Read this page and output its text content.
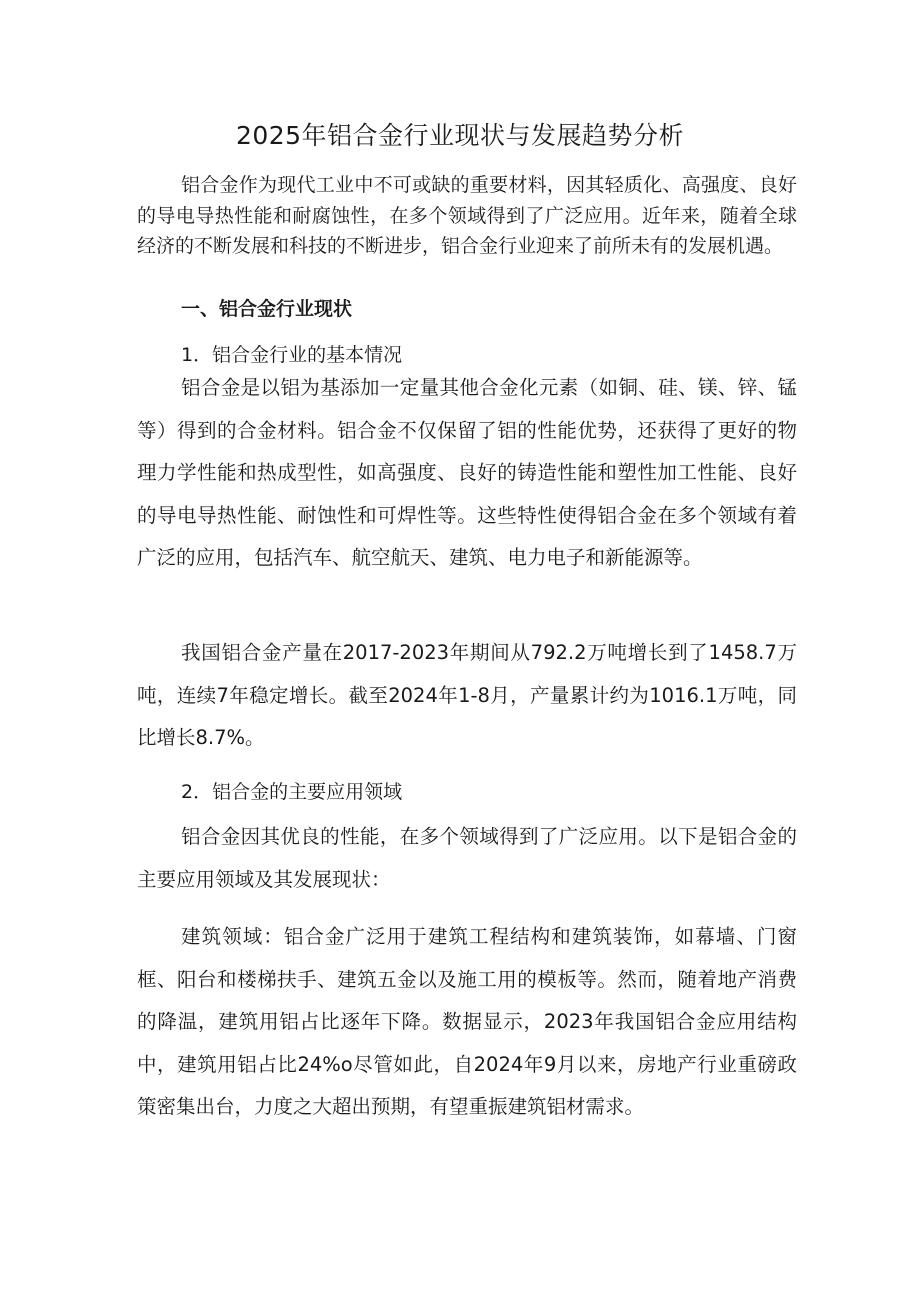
2025年铝合金行业现状与发展趋势分析

铝合金作为现代工业中不可或缺的重要材料，因其轻质化、高强度、良好的导电导热性能和耐腐蚀性，在多个领域得到了广泛应用。近年来，随着全球经济的不断发展和科技的不断进步，铝合金行业迎来了前所未有的发展机遇。

一、铝合金行业现状
1．铝合金行业的基本情况

铝合金是以铝为基添加一定量其他合金化元素（如铜、硅、镁、锌、锰等）得到的合金材料。铝合金不仅保留了铝的性能优势，还获得了更好的物理力学性能和热成型性，如高强度、良好的铸造性能和塑性加工性能、良好的导电导热性能、耐蚀性和可焊性等。这些特性使得铝合金在多个领域有着广泛的应用，包括汽车、航空航天、建筑、电力电子和新能源等。

我国铝合金产量在2017-2023年期间从792.2万吨增长到了1458.7万吨，连续7年稳定增长。截至2024年1-8月，产量累计约为1016.1万吨，同比增长8.7%。

2．铝合金的主要应用领域

铝合金因其优良的性能，在多个领域得到了广泛应用。以下是铝合金的主要应用领域及其发展现状：

建筑领域：铝合金广泛用于建筑工程结构和建筑装饰，如幕墙、门窗框、阳台和楼梯扶手、建筑五金以及施工用的模板等。然而，随着地产消费的降温，建筑用铝占比逐年下降。数据显示，2023年我国铝合金应用结构中，建筑用铝占比24%o尽管如此，自2024年9月以来，房地产行业重磅政策密集出台，力度之大超出预期，有望重振建筑铝材需求。
